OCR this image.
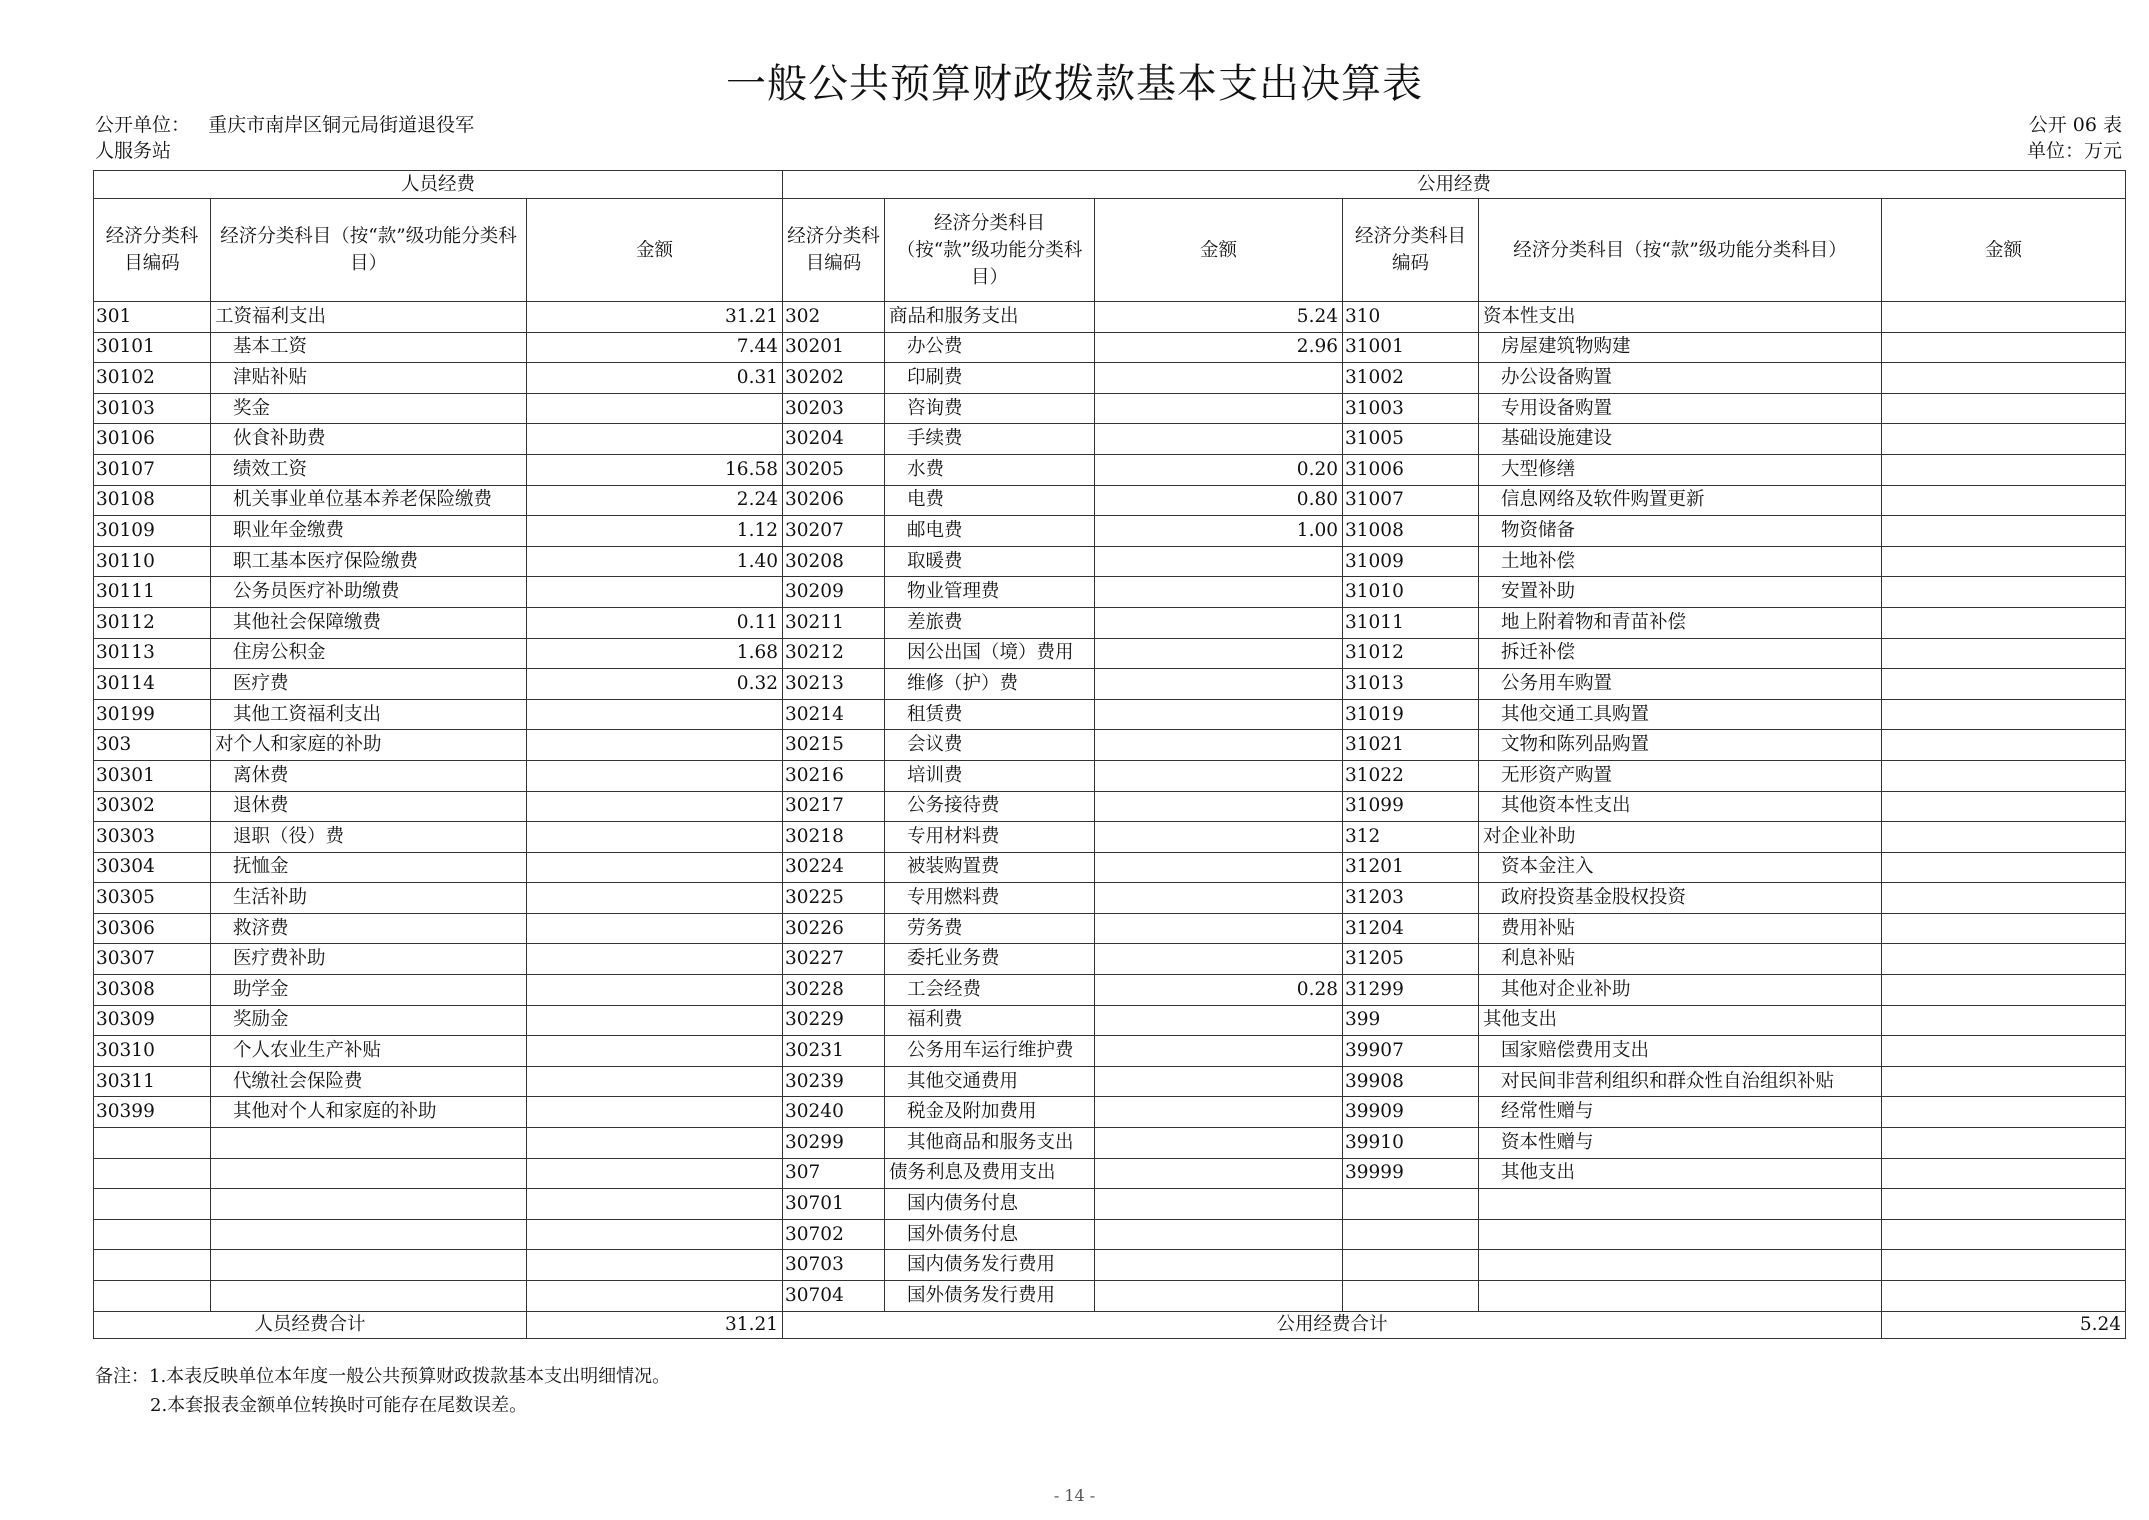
一般公共预算财政拨款基本支出决算表
公开单位： 重庆市南岸区铜元局街道退役军
人服务站
公开 06 表
单位：万元
人员经费			公用经费					
经济分类科目编码	经济分类科目（按“款”级功能分类科目）	金额	经济分类科目编码	经济分类科目（按“款”级功能分类科目）	金额	经济分类科目编码	经济分类科目（按“款”级功能分类科目）	金额
301	工资福利支出	31.21	302	商品和服务支出	5.24	310	资本性支出	
30101	基本工资	7.44	30201	办公费	2.96	31001	房屋建筑物购建	
30102	津贴补贴	0.31	30202	印刷费		31002	办公设备购置	
30103	奖金		30203	咨询费		31003	专用设备购置	
30106	伙食补助费		30204	手续费		31005	基础设施建设	
30107	绩效工资	16.58	30205	水费	0.20	31006	大型修缮	
30108	机关事业单位基本养老保险缴费	2.24	30206	电费	0.80	31007	信息网络及软件购置更新	
30109	职业年金缴费	1.12	30207	邮电费	1.00	31008	物资储备	
30110	职工基本医疗保险缴费	1.40	30208	取暖费		31009	土地补偿	
30111	公务员医疗补助缴费		30209	物业管理费		31010	安置补助	
30112	其他社会保障缴费	0.11	30211	差旅费		31011	地上附着物和青苗补偿	
30113	住房公积金	1.68	30212	因公出国（境）费用		31012	拆迁补偿	
30114	医疗费	0.32	30213	维修（护）费		31013	公务用车购置	
30199	其他工资福利支出		30214	租赁费		31019	其他交通工具购置	
303	对个人和家庭的补助		30215	会议费		31021	文物和陈列品购置	
30301	离休费		30216	培训费		31022	无形资产购置	
30302	退休费		30217	公务接待费		31099	其他资本性支出	
30303	退职（役）费		30218	专用材料费		312	对企业补助	
30304	抚恤金		30224	被装购置费		31201	资本金注入	
30305	生活补助		30225	专用燃料费		31203	政府投资基金股权投资	
30306	救济费		30226	劳务费		31204	费用补贴	
30307	医疗费补助		30227	委托业务费		31205	利息补贴	
30308	助学金		30228	工会经费	0.28	31299	其他对企业补助	
30309	奖励金		30229	福利费		399	其他支出	
30310	个人农业生产补贴		30231	公务用车运行维护费		39907	国家赔偿费用支出	
30311	代缴社会保险费		30239	其他交通费用		39908	对民间非营利组织和群众性自治组织补贴	
30399	其他对个人和家庭的补助		30240	税金及附加费用		39909	经常性赠与	
			30299	其他商品和服务支出		39910	资本性赠与	
			307	债务利息及费用支出		39999	其他支出	
			30701	国内债务付息				
			30702	国外债务付息				
			30703	国内债务发行费用				
			30704	国外债务发行费用				
人员经费合计		31.21	公用经费合计					5.24
备注：1.本表反映单位本年度一般公共预算财政拨款基本支出明细情况。
2.本套报表金额单位转换时可能存在尾数误差。
- 14 -
